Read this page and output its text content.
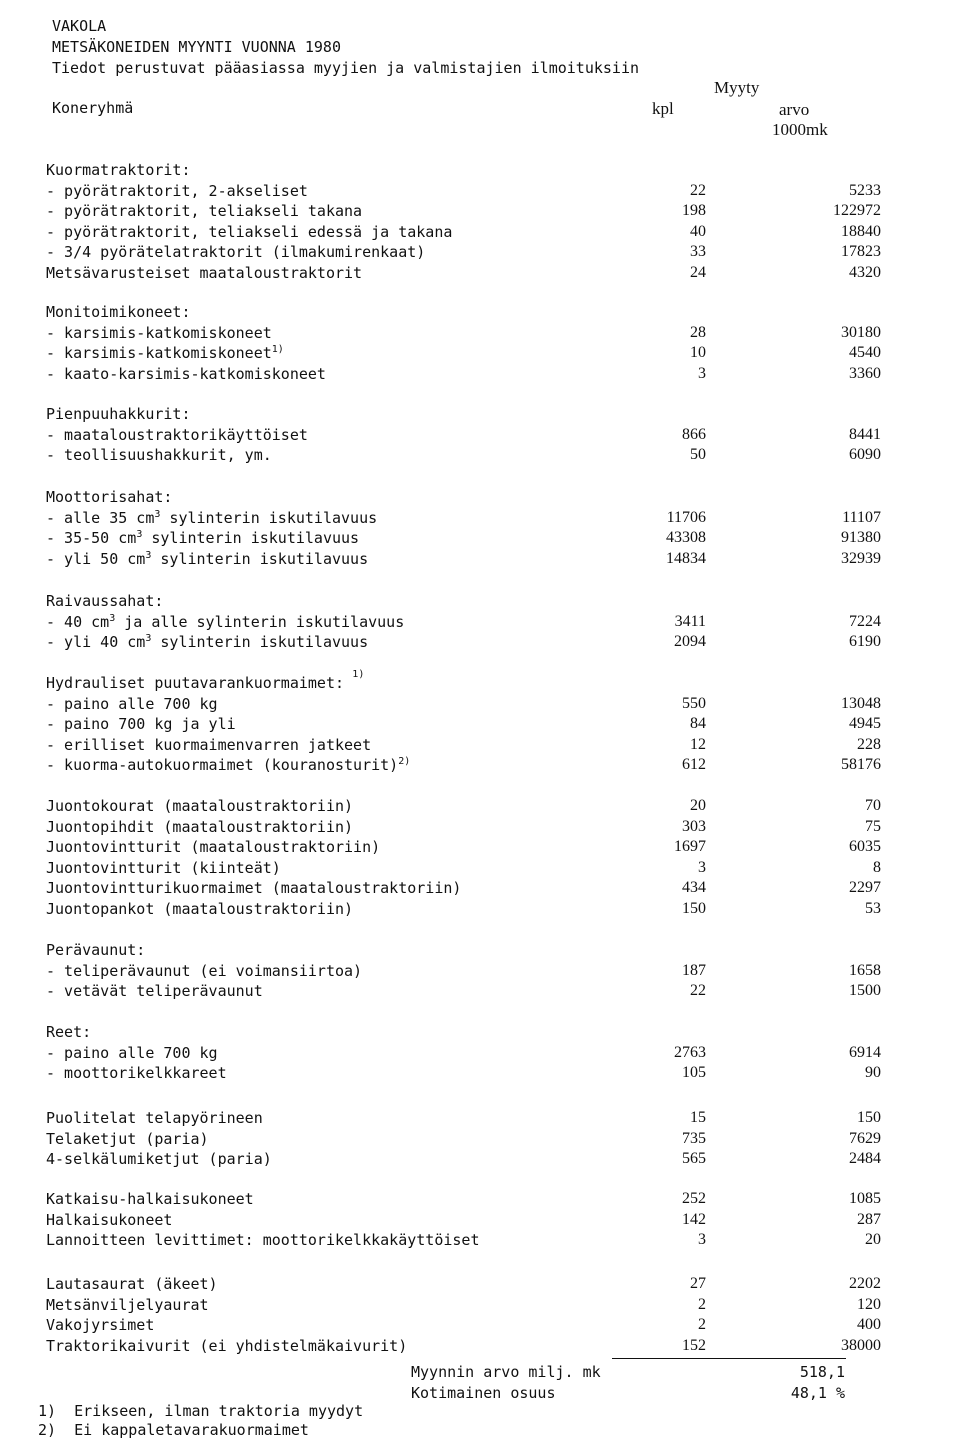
VAKOLA
METSÄKONEIDEN MYYNTI VUONNA 1980
Tiedot perustuvat pääasiassa myyjien ja valmistajien ilmoituksiin
Koneryhmä
Myyty
kpl	arvo
1000mk
Kuormatraktorit:
- pyörätraktorit, 2-akseliset	22	5233
- pyörätraktorit, teliakseli takana	198	122972
- pyörätraktorit, teliakseli edessä ja takana	40	18840
- 3/4 pyörätelatraktorit (ilmakumirenkaat)	33	17823
Metsävarusteiset maataloustraktorit	24	4320
Monitoimikoneet:
- karsimis-katkomiskoneet	28	30180
- karsimis-katkomiskoneet$^{1)}$	10	4540
- kaato-karsimis-katkomiskoneet	3	3360
Pienpuuhakkurit:
- maataloustraktorikäyttöiset	866	8441
- teollisuushakkurit, ym.	50	6090
Moottorisahat:
- alle 35 $cm^3$ sylinterin iskutilavuus	11706	11107
- 35-50 $cm^3$ sylinterin iskutilavuus	43308	91380
- yli 50 $cm^3$ sylinterin iskutilavuus	14834	32939
Raivaussahat:
- 40 $cm^3$ ja alle sylinterin iskutilavuus	3411	7224
- yli 40 $cm^3$ sylinterin iskutilavuus	2094	6190
Hydrauliset puutavarankuormaimet: 1)
- paino alle 700 kg	550	13048
- paino 700 kg ja yli	84	4945
- erilliset kuormaimenvarren jatkeet	12	228
- kuorma-autokuormaimet (kouranosturit)$^{2)}$	612	58176
Juontokourat (maataloustraktoriin)	20	70
Juontopihdit (maataloustraktoriin)	303	75
Juontovintturit (maataloustraktoriin)	1697	6035
Juontovintturit (kiinteät)	3	8
Juontovintturikuormaimet (maataloustraktoriin)	434	2297
Juontopankot (maataloustraktoriin)	150	53
Perävaunut:
- teliperävaunut (ei voimansiirtoa)	187	1658
- vetävät teliperävaunut	22	1500
Reet:
- paino alle 700 kg	2763	6914
- moottorikelkkareet	105	90
Puolitelat telapyörineen	15	150
Telaketjut (paria)	735	7629
4-selkälumiketjut (paria)	565	2484
Katkaisu-halkaisukoneet	252	1085
Halkaisukoneet	142	287
Lannoitteen levittimet: moottorikelkkakäyttöiset	3	20
Lautasaurat (äkeet)	27	2202
Metsänviljelyaurat	2	120
Vakojyrsimet	2	400
Traktorikaivurit (ei yhdistelmäkaivurit)	152	38000
Myynnin arvo milj. mk	518,1
Kotimainen osuus	48,1 %
1)  Erikseen, ilman traktoria myydyt
2)  Ei kappaletavarakuormaimet
